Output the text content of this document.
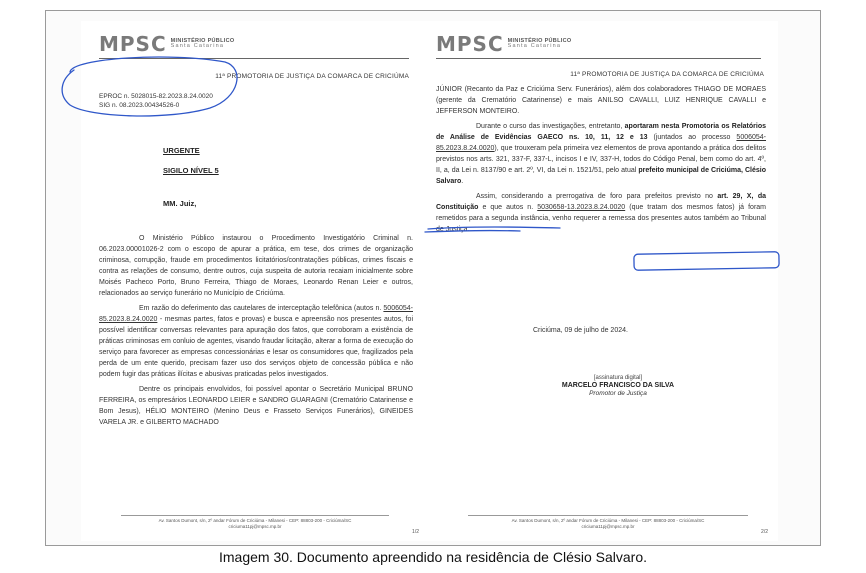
MPSC MINISTÉRIO PÚBLICO
Santa Catarina
11ª PROMOTORIA DE JUSTIÇA DA COMARCA DE CRICIÚMA
EPROC n. 5028015-82.2023.8.24.0020
SIG n. 08.2023.00434526-0
URGENTE
SIGILO NÍVEL 5
MM. Juiz,

O Ministério Público instaurou o Procedimento Investigatório Criminal n. 06.2023.00001026-2 com o escopo de apurar a prática, em tese, dos crimes de organização criminosa, corrupção, fraude em procedimentos licitatórios/contratações públicas, crimes fiscais e contra as relações de consumo, dentre outros, cuja suspeita de autoria recaiam inicialmente sobre Moisés Pacheco Porto, Bruno Ferreira, Thiago de Moraes, Leonardo Renan Leier e outros, relacionados ao serviço funerário no Município de Criciúma.

Em razão do deferimento das cautelares de interceptação telefônica (autos n. 5006054-85.2023.8.24.0020 - mesmas partes, fatos e provas) e busca e apreensão nos presentes autos, foi possível identificar conversas relevantes para apuração dos fatos, que corroboram a existência de práticas criminosas em conluio de agentes, visando fraudar licitação, alterar a forma de execução do serviço para favorecer as empresas concessionárias e lesar os consumidores que, fragilizados pela perda de um ente querido, precisam fazer uso dos serviços objeto de concessão pública e não podem fugir das práticas ilícitas e abusivas praticadas pelos investigados.

Dentre os principais envolvidos, foi possível apontar o Secretário Municipal BRUNO FERREIRA, os empresários LEONARDO LEIER e SANDRO GUARAGNI (Crematório Catarinense e Bom Jesus), HÉLIO MONTEIRO (Menino Deus e Frasseto Serviços Funerários), GINEIDES VARELA JR. e GILBERTO MACHADO

Av. Santos Dumont, s/n, 2º andar Fórum de Criciúma - Milanesi - CEP: 88803-200 - Criciúma/SC
criciuma11pj@mpsc.mp.br
1/2
MPSC MINISTÉRIO PÚBLICO
Santa Catarina
11ª PROMOTORIA DE JUSTIÇA DA COMARCA DE CRICIÚMA

JÚNIOR (Recanto da Paz e Criciúma Serv. Funerários), além dos colaboradores THIAGO DE MORAES (gerente da Crematório Catarinense) e mais ANILSO CAVALLI, LUIZ HENRIQUE CAVALLI e JEFFERSON MONTEIRO.

Durante o curso das investigações, entretanto, aportaram nesta Promotoria os Relatórios de Análise de Evidências GAECO ns. 10, 11, 12 e 13 (juntados ao processo 5006054-85.2023.8.24.0020), que trouxeram pela primeira vez elementos de prova apontando a prática dos delitos previstos nos arts. 321, 337-F, 337-L, incisos I e IV, 337-H, todos do Código Penal, bem como do art. 4º, II, a, da Lei n. 8137/90 e art. 2º, VI, da Lei n. 1521/51, pelo atual prefeito municipal de Criciúma, Clésio Salvaro.

Assim, considerando a prerrogativa de foro para prefeitos previsto no art. 29, X, da Constituição e que autos n. 5030658-13.2023.8.24.0020 (que tratam dos mesmos fatos) já foram remetidos para a segunda instância, venho requerer a remessa dos presentes autos também ao Tribunal de Justiça.

Criciúma, 09 de julho de 2024.
[assinatura digital]
MARCELO FRANCISCO DA SILVA
Promotor de Justiça
Av. Santos Dumont, s/n, 2º andar Fórum de Criciúma - Milanesi - CEP: 88803-200 - Criciúma/SC
criciuma11pj@mpsc.mp.br
2/2
Imagem 30. Documento apreendido na residência de Clésio Salvaro.
